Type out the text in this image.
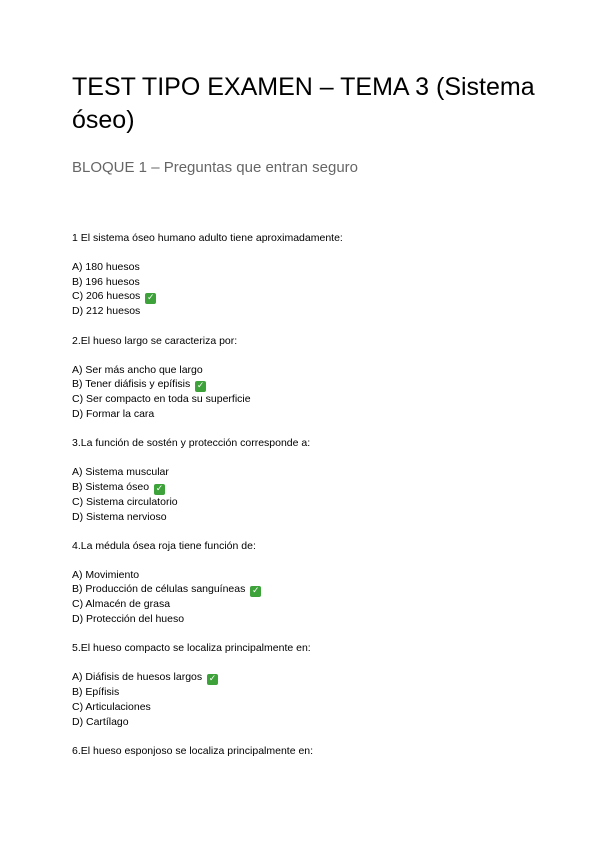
TEST TIPO EXAMEN – TEMA 3 (Sistema óseo)

BLOQUE 1 – Preguntas que entran seguro

1 El sistema óseo humano adulto tiene aproximadamente:
A) 180 huesos
B) 196 huesos
C) 206 huesos ✓
D) 212 huesos
2.El hueso largo se caracteriza por:
A) Ser más ancho que largo
B) Tener diáfisis y epífisis ✓
C) Ser compacto en toda su superficie
D) Formar la cara
3.La función de sostén y protección corresponde a:
A) Sistema muscular
B) Sistema óseo ✓
C) Sistema circulatorio
D) Sistema nervioso
4.La médula ósea roja tiene función de:
A) Movimiento
B) Producción de células sanguíneas ✓
C) Almacén de grasa
D) Protección del hueso
5.El hueso compacto se localiza principalmente en:
A) Diáfisis de huesos largos ✓
B) Epífisis
C) Articulaciones
D) Cartílago
6.El hueso esponjoso se localiza principalmente en:
